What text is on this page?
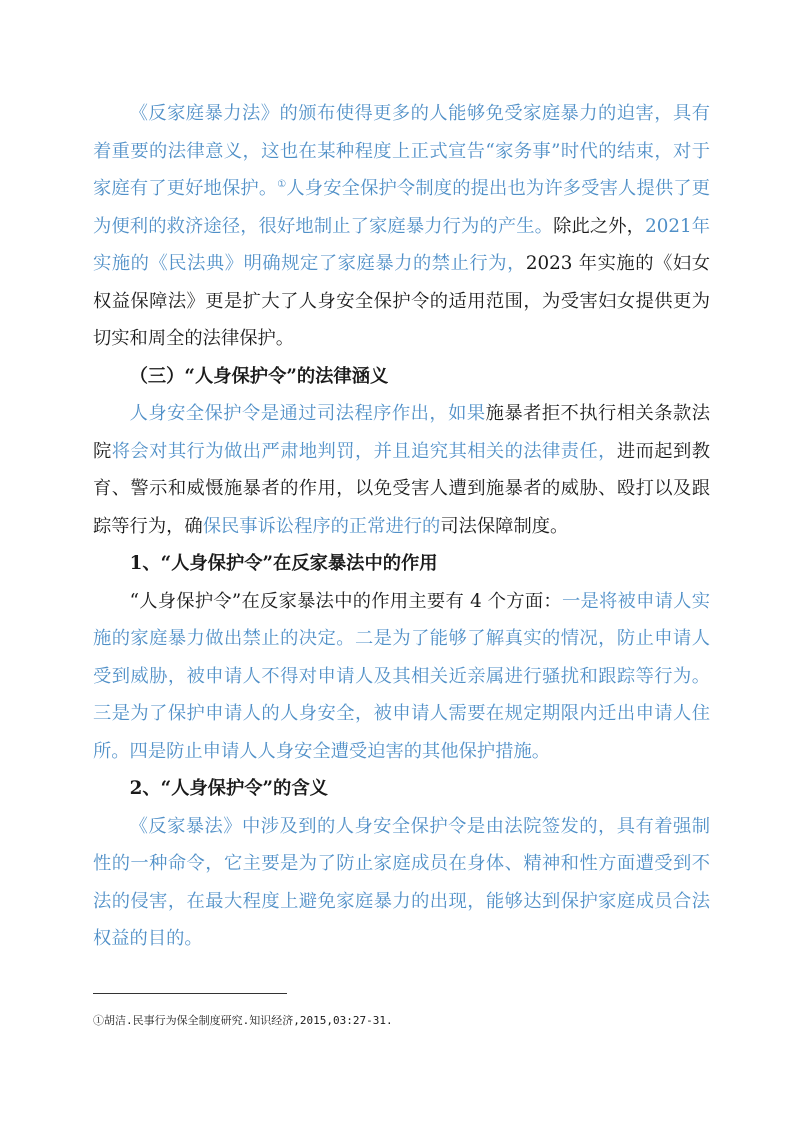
《反家庭暴力法》的颁布使得更多的人能够免受家庭暴力的迫害，具有着重要的法律意义，这也在某种程度上正式宣告“家务事”时代的结束，对于家庭有了更好地保护。①人身安全保护令制度的提出也为许多受害人提供了更为便利的救济途径，很好地制止了家庭暴力行为的产生。除此之外，2021年实施的《民法典》明确规定了家庭暴力的禁止行为，2023 年实施的《妇女权益保障法》更是扩大了人身安全保护令的适用范围，为受害妇女提供更为切实和周全的法律保护。

（三）“人身保护令”的法律涵义

人身安全保护令是通过司法程序作出，如果施暴者拒不执行相关条款法院将会对其行为做出严肃地判罚，并且追究其相关的法律责任，进而起到教育、警示和威慑施暴者的作用，以免受害人遭到施暴者的威胁、殴打以及跟踪等行为，确保民事诉讼程序的正常进行的司法保障制度。

1、“人身保护令”在反家暴法中的作用

“人身保护令”在反家暴法中的作用主要有 4 个方面：一是将被申请人实施的家庭暴力做出禁止的决定。二是为了能够了解真实的情况，防止申请人受到威胁，被申请人不得对申请人及其相关近亲属进行骚扰和跟踪等行为。三是为了保护申请人的人身安全，被申请人需要在规定期限内迁出申请人住所。四是防止申请人人身安全遭受迫害的其他保护措施。

2、“人身保护令”的含义

《反家暴法》中涉及到的人身安全保护令是由法院签发的，具有着强制性的一种命令，它主要是为了防止家庭成员在身体、精神和性方面遭受到不法的侵害，在最大程度上避免家庭暴力的出现，能够达到保护家庭成员合法权益的目的。

①胡洁.民事行为保全制度研究.知识经济,2015,03:27-31.
